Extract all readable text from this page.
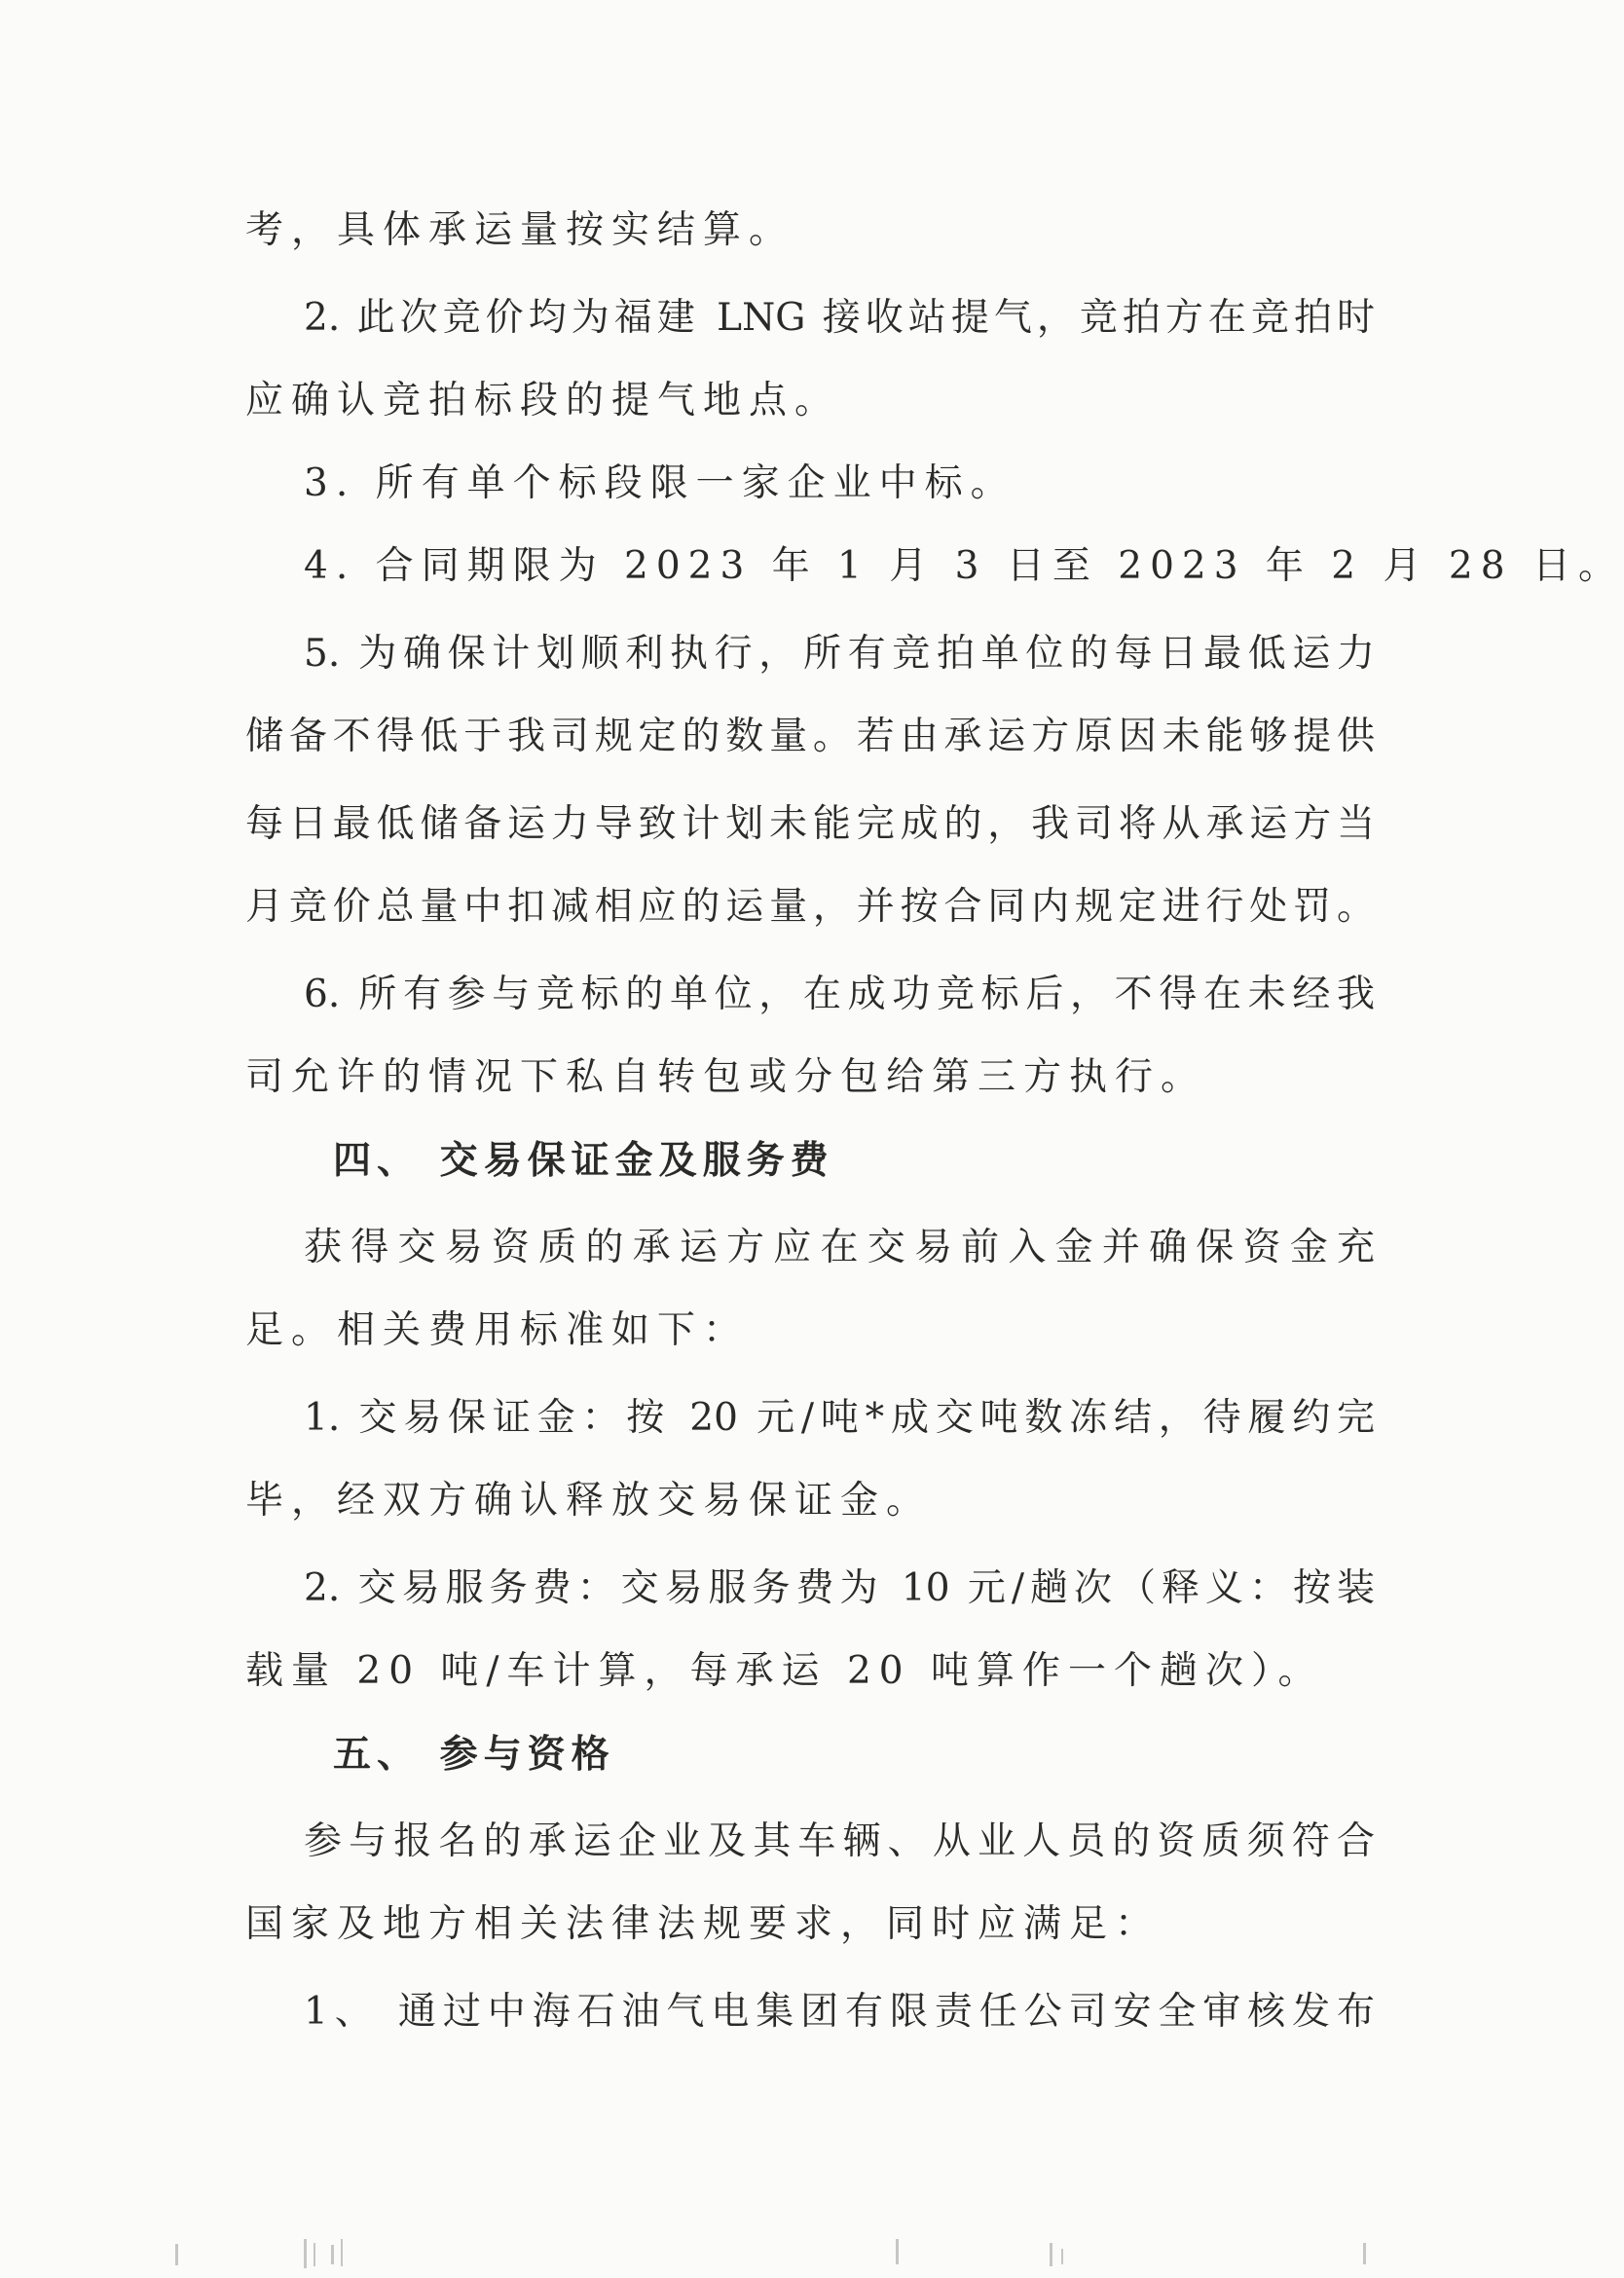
考，具体承运量按实结算。
2. 此次竞价均为福建 LNG 接收站提气，竞拍方在竞拍时
应确认竞拍标段的提气地点。
3. 所有单个标段限一家企业中标。
4. 合同期限为 2023 年 1 月 3 日至 2023 年 2 月 28 日。
5. 为确保计划顺利执行，所有竞拍单位的每日最低运力
储备不得低于我司规定的数量。若由承运方原因未能够提供
每日最低储备运力导致计划未能完成的，我司将从承运方当
月竞价总量中扣减相应的运量，并按合同内规定进行处罚。
6. 所有参与竞标的单位，在成功竞标后，不得在未经我
司允许的情况下私自转包或分包给第三方执行。
四、 交易保证金及服务费
获得交易资质的承运方应在交易前入金并确保资金充
足。相关费用标准如下：
1. 交易保证金：按 20 元/吨*成交吨数冻结，待履约完
毕，经双方确认释放交易保证金。
2. 交易服务费：交易服务费为 10 元/趟次（释义：按装
载量 20 吨/车计算，每承运 20 吨算作一个趟次）。
五、 参与资格
参与报名的承运企业及其车辆、从业人员的资质须符合
国家及地方相关法律法规要求，同时应满足：
1、 通过中海石油气电集团有限责任公司安全审核发布
